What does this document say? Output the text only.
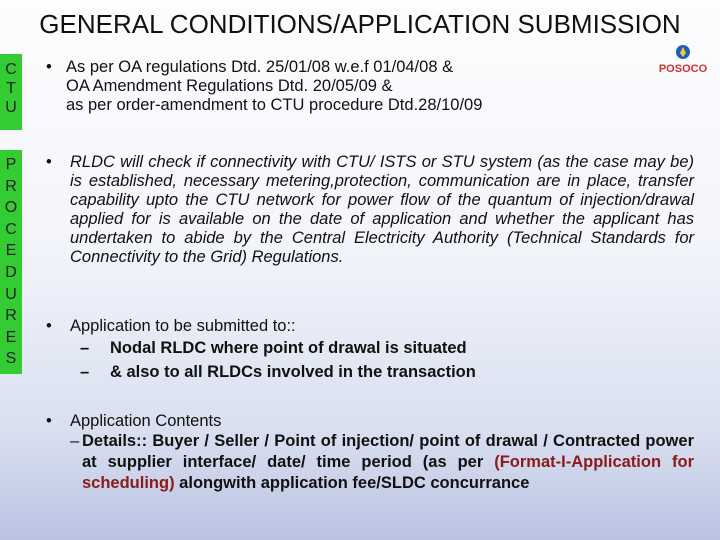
GENERAL CONDITIONS/APPLICATION SUBMISSION
POSOCO
C
T
U
P
R
O
C
E
D
U
R
E
S
• As per OA regulations Dtd. 25/01/08 w.e.f 01/04/08 &
OA Amendment Regulations Dtd. 20/05/09 &
as per order-amendment to CTU procedure Dtd.28/10/09
• RLDC will check if connectivity with CTU/ ISTS or STU system (as the case may be) is established, necessary metering,protection, communication are in place, transfer capability upto the CTU network for power flow of the quantum of injection/drawal applied for is available on the date of application and whether the applicant has undertaken to abide by the Central Electricity Authority (Technical Standards for Connectivity to the Grid) Regulations.
• Application to be submitted to::
– Nodal RLDC where point of drawal is situated
– & also to all RLDCs involved in the transaction
• Application Contents
– Details:: Buyer / Seller / Point of injection/ point of drawal / Contracted power at supplier interface/ date/ time period (as per (Format-I-Application for scheduling) alongwith application fee/SLDC concurrance
